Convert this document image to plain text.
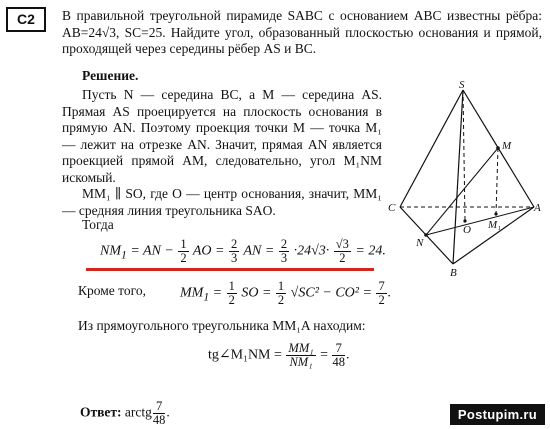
C2	В правильной треугольной пирамиде SABC с основанием ABC известны рёбра: AB=24√3, SC=25. Найдите угол, образованный плоскостью основания и прямой, проходящей через середины рёбер AS и BC.

Решение.

Пусть N — середина BC, а M — середина AS. Прямая AS проецируется на плоскость основания в прямую AN. Поэтому проекция точки M — точка M₁ — лежит на отрезке AN. Значит, прямая AN является проекцией прямой AM, следовательно, угол M₁NM искомый.

MM₁ ∥ SO, где O — центр основания, значит, MM₁ — средняя линия треугольника SAO.

Тогда
$NM_1$ = AN − $\frac{1}{2}$ AO = $\frac{2}{3}$ AN = $\frac{2}{3} \cdot 24√3\cdot \frac{√3}{2} = 24$.
Кроме того, $MM_1 = \frac{1}{2}$ SO = $\frac{1}{2} √SC^2 - CO^2 = \frac{7}{2}$ .
Из прямоугольного треугольника MM₁A находим:
tg∠M₁NM = $\frac{\text{MM₁}}{\text{NM₁}} = \frac{7}{48}$ .
Ответ: arctg $\frac{7}{48}$ .
S
M
C	A
O M₁
N
B
Postupim.ru
